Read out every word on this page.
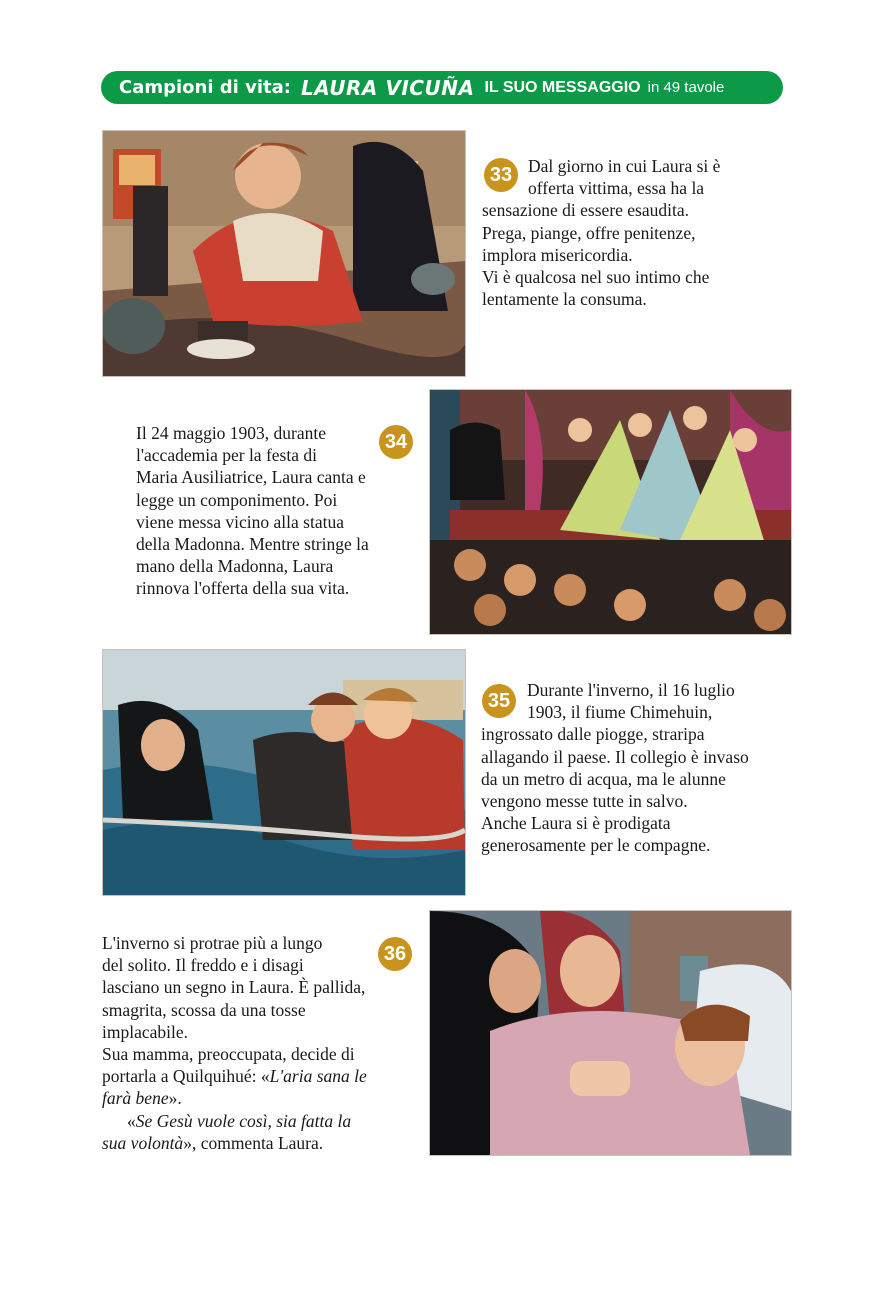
Campioni di vita: LAURA VICUÑA IL SUO MESSAGGIO in 49 tavole
33 Dal giorno in cui Laura si è
offerta vittima, essa ha la
sensazione di essere esaudita.
Prega, piange, offre penitenze,
implora misericordia.
Vi è qualcosa nel suo intimo che
lentamente la consuma.
Il 24 maggio 1903, durante
l'accademia per la festa di
Maria Ausiliatrice, Laura canta e
legge un componimento. Poi
viene messa vicino alla statua
della Madonna. Mentre stringe la
mano della Madonna, Laura
rinnova l'offerta della sua vita.
34
35 Durante l'inverno, il 16 luglio
1903, il fiume Chimehuin,
ingrossato dalle piogge, straripa
allagando il paese. Il collegio è invaso
da un metro di acqua, ma le alunne
vengono messe tutte in salvo.
Anche Laura si è prodigata
generosamente per le compagne.
L'inverno si protrae più a lungo
del solito. Il freddo e i disagi
lasciano un segno in Laura. È pallida,
smagrita, scossa da una tosse
implacabile.
Sua mamma, preoccupata, decide di
portarla a Quilquihué: «L'aria sana le
farà bene».
«Se Gesù vuole così, sia fatta la
sua volontà», commenta Laura.
36
